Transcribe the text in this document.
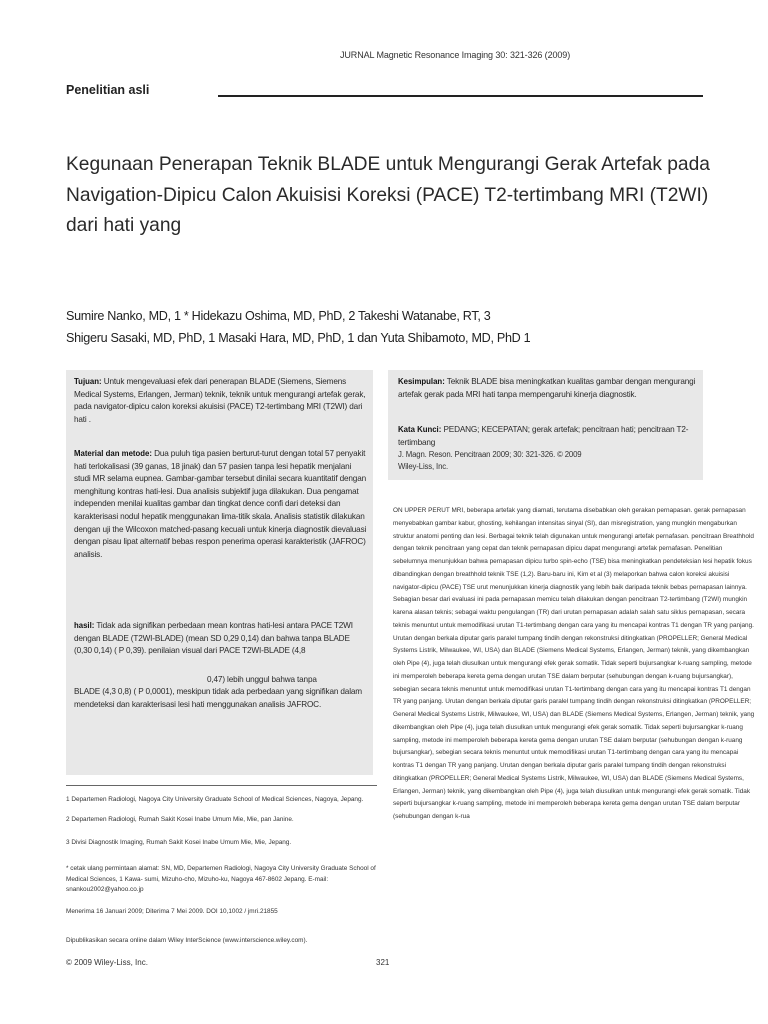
JURNAL Magnetic Resonance Imaging 30: 321-326 (2009)
Penelitian asli
Kegunaan Penerapan Teknik BLADE untuk Mengurangi Gerak Artefak pada Navigation-Dipicu Calon Akuisisi Koreksi (PACE) T2-tertimbang MRI (T2WI) dari hati yang
Sumire Nanko, MD, 1 * Hidekazu Oshima, MD, PhD, 2 Takeshi Watanabe, RT, 3
Shigeru Sasaki, MD, PhD, 1 Masaki Hara, MD, PhD, 1 dan Yuta Shibamoto, MD, PhD 1
Tujuan: Untuk mengevaluasi efek dari penerapan BLADE (Siemens, Siemens Medical Systems, Erlangen, Jerman) teknik, teknik untuk mengurangi artefak gerak, pada navigator-dipicu calon koreksi akuisisi (PACE) T2-tertimbang MRI (T2WI) dari hati .
Material dan metode: Dua puluh tiga pasien berturut-turut dengan total 57 penyakit hati terlokalisasi (39 ganas, 18 jinak) dan 57 pasien tanpa lesi hepatik menjalani studi MR selama eupnea. Gambar-gambar tersebut dinilai secara kuantitatif dengan menghitung kontras hati-lesi. Dua analisis subjektif juga dilakukan. Dua pengamat independen menilai kualitas gambar dan tingkat dence confi dari deteksi dan karakterisasi nodul hepatik menggunakan lima-titik skala. Analisis statistik dilakukan dengan uji the Wilcoxon matched-pasang kecuali untuk kinerja diagnostik dievaluasi dengan pisau lipat alternatif bebas respon penerima operasi karakteristik (JAFROC) analisis.
hasil: Tidak ada signifikan perbedaan mean kontras hati-lesi antara PACE T2WI dengan BLADE (T2WI-BLADE) (mean SD 0,29 0,14) dan bahwa tanpa BLADE (0,30 0,14) ( P 0,39). penilaian visual dari PACE T2WI-BLADE (4,8
0,47) lebih unggul bahwa tanpa
BLADE (4,3 0,8) ( P 0,0001), meskipun tidak ada perbedaan yang signifikan dalam mendeteksi dan karakterisasi lesi hati menggunakan analisis JAFROC.
Kesimpulan: Teknik BLADE bisa meningkatkan kualitas gambar dengan mengurangi artefak gerak pada MRI hati tanpa mempengaruhi kinerja diagnostik.
Kata Kunci: PEDANG; KECEPATAN; gerak artefak; pencitraan hati; pencitraan T2-tertimbang
J. Magn. Reson. Pencitraan 2009; 30: 321-326. © 2009
Wiley-Liss, Inc.

ON UPPER PERUT MRI, beberapa artefak yang diamati, terutama disebabkan oleh gerakan pernapasan. gerak pernapasan menyebabkan gambar kabur, ghosting, kehilangan intensitas sinyal (SI), dan misregistration, yang mungkin mengaburkan struktur anatomi penting dan lesi. Berbagai teknik telah digunakan untuk mengurangi artefak pernafasan. pencitraan Breathhold dengan teknik pencitraan yang cepat dan teknik pernapasan dipicu dapat mengurangi artefak pernafasan. Penelitian sebelumnya menunjukkan bahwa pernapasan dipicu turbo spin-echo (TSE) bisa meningkatkan pendeteksian lesi hepatik fokus dibandingkan dengan breathhold teknik TSE (1,2). Baru-baru ini, Kim et al (3) melaporkan bahwa calon koreksi akuisisi navigator-dipicu (PACE) TSE urut menunjukkan kinerja diagnostik yang lebih baik daripada teknik bebas pernapasan lainnya. Sebagian besar dari evaluasi ini pada pernapasan memicu telah dilakukan dengan pencitraan T2-tertimbang (T2WI) mungkin karena alasan teknis; sebagai waktu pengulangan (TR) dari urutan pernapasan adalah salah satu siklus pernapasan, secara teknis menuntut untuk memodifikasi urutan T1-tertimbang dengan cara yang itu mencapai kontras T1 dengan TR yang panjang. Urutan dengan berkala diputar garis paralel tumpang tindih dengan rekonstruksi ditingkatkan (PROPELLER; General Medical Systems Listrik, Milwaukee, WI, USA) dan BLADE (Siemens Medical Systems, Erlangen, Jerman) teknik, yang dikembangkan oleh Pipe (4), juga telah diusulkan untuk mengurangi efek gerak somatik. Tidak seperti bujursangkar k-ruang sampling, metode ini memperoleh beberapa kereta gema dengan urutan TSE dalam berputar (sehubungan dengan k-ruang bujursangkar), sebegian secara teknis menuntut untuk memodifikasi urutan T1-tertimbang dengan cara yang itu mencapai kontras T1 dengan TR yang panjang. Urutan dengan berkala diputar garis paralel tumpang tindih dengan rekonstruksi ditingkatkan (PROPELLER; General Medical Systems Listrik, Milwaukee, WI, USA) dan BLADE (Siemens Medical Systems, Erlangen, Jerman) teknik, yang dikembangkan oleh Pipe (4), juga telah diusulkan untuk mengurangi efek gerak somatik. Tidak seperti bujursangkar k-ruang sampling, metode ini memperoleh beberapa kereta gema dengan urutan TSE dalam berputar (sehubungan dengan k-ruang bujursangkar), sebegian secara teknis menuntut untuk memodifikasi urutan T1-tertimbang dengan cara yang itu mencapai kontras T1 dengan TR yang panjang. Urutan dengan berkala diputar garis paralel tumpang tindih dengan rekonstruksi ditingkatkan (PROPELLER; General Medical Systems Listrik, Milwaukee, WI, USA) dan BLADE (Siemens Medical Systems, Erlangen, Jerman) teknik, yang dikembangkan oleh Pipe (4), juga telah diusulkan untuk mengurangi efek gerak somatik. Tidak seperti bujursangkar k-ruang sampling, metode ini memperoleh beberapa kereta gema dengan urutan TSE dalam berputar (sehubungan dengan k-rua

1 Departemen Radiologi, Nagoya City University Graduate School of Medical Sciences, Nagoya, Jepang.
2 Departemen Radiologi, Rumah Sakit Kosei Inabe Umum Mie, Mie, pan Janine.
3 Divisi Diagnostik Imaging, Rumah Sakit Kosei Inabe Umum Mie, Mie, Jepang.
* cetak ulang permintaan alamat: SN, MD, Departemen Radiologi, Nagoya City University Graduate School of Medical Sciences, 1 Kawa- sumi, Mizuho-cho, Mizuho-ku, Nagoya 467-8602 Jepang. E-mail: snankou2002@yahoo.co.jp
Menerima 16 Januari 2009; Diterima 7 Mei 2009. DOI 10,1002 / jmri.21855
Dipublikasikan secara online dalam Wiley InterScience (www.interscience.wiley.com).
© 2009 Wiley-Liss, Inc.	321
